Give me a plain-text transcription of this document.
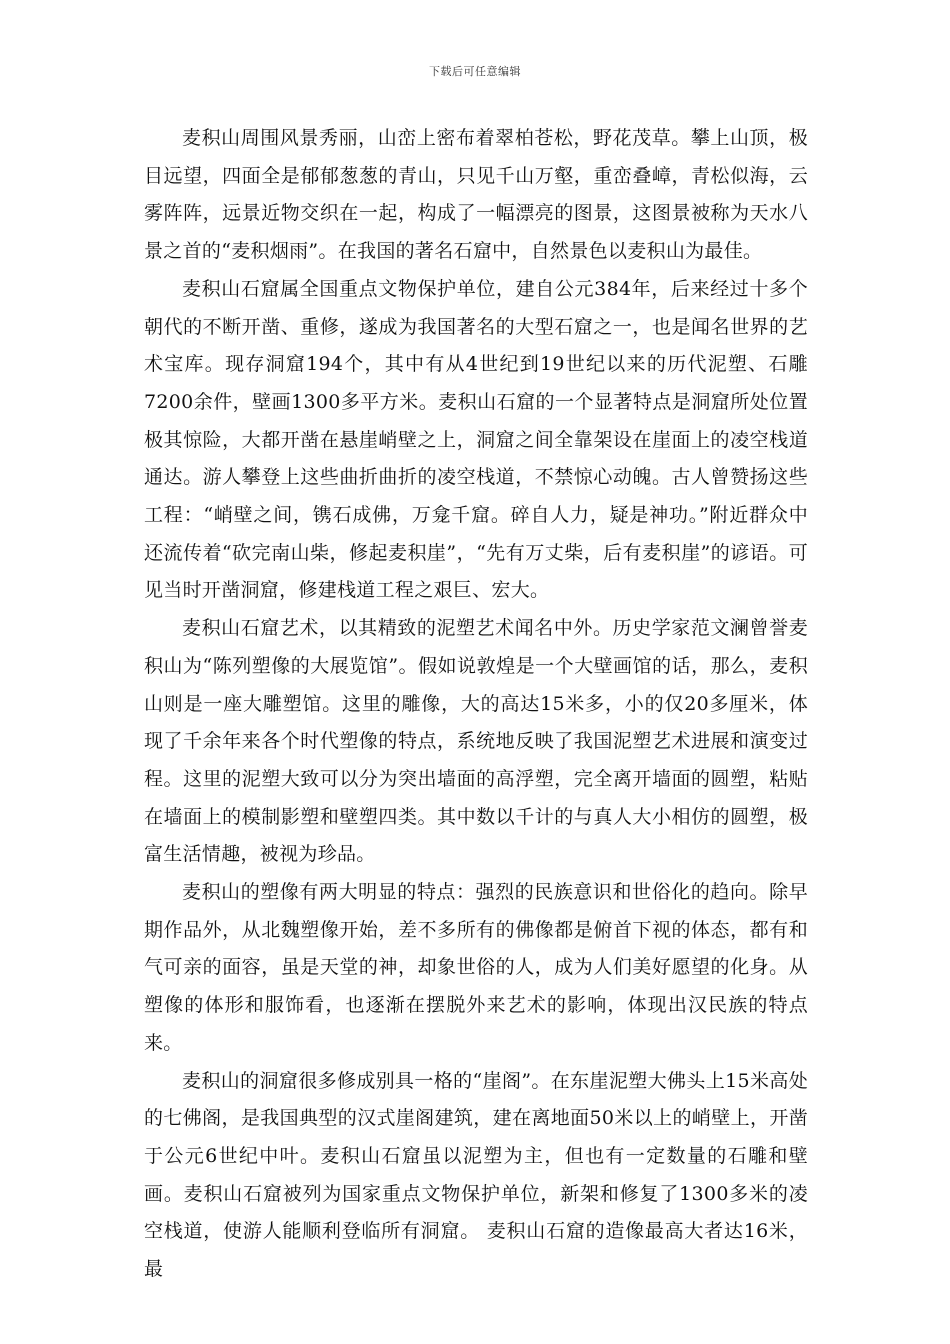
下载后可任意编辑

麦积山周围风景秀丽，山峦上密布着翠柏苍松，野花茂草。攀上山顶，极目远望，四面全是郁郁葱葱的青山，只见千山万壑，重峦叠嶂，青松似海，云雾阵阵，远景近物交织在一起，构成了一幅漂亮的图景，这图景被称为天水八景之首的“麦积烟雨”。在我国的著名石窟中，自然景色以麦积山为最佳。

麦积山石窟属全国重点文物保护单位，建自公元384年，后来经过十多个朝代的不断开凿、重修，遂成为我国著名的大型石窟之一，也是闻名世界的艺术宝库。现存洞窟194个，其中有从4世纪到19世纪以来的历代泥塑、石雕7200余件，壁画1300多平方米。麦积山石窟的一个显著特点是洞窟所处位置极其惊险，大都开凿在悬崖峭壁之上，洞窟之间全靠架设在崖面上的凌空栈道通达。游人攀登上这些曲折曲折的凌空栈道，不禁惊心动魄。古人曾赞扬这些工程：“峭壁之间，镌石成佛，万龛千窟。碎自人力，疑是神功。”附近群众中还流传着“砍完南山柴，修起麦积崖”，“先有万丈柴，后有麦积崖”的谚语。可见当时开凿洞窟，修建栈道工程之艰巨、宏大。

麦积山石窟艺术，以其精致的泥塑艺术闻名中外。历史学家范文澜曾誉麦积山为“陈列塑像的大展览馆”。假如说敦煌是一个大壁画馆的话，那么，麦积山则是一座大雕塑馆。这里的雕像，大的高达15米多，小的仅20多厘米，体现了千余年来各个时代塑像的特点，系统地反映了我国泥塑艺术进展和演变过程。这里的泥塑大致可以分为突出墙面的高浮塑，完全离开墙面的圆塑，粘贴在墙面上的模制影塑和壁塑四类。其中数以千计的与真人大小相仿的圆塑，极富生活情趣，被视为珍品。

麦积山的塑像有两大明显的特点：强烈的民族意识和世俗化的趋向。除早期作品外，从北魏塑像开始，差不多所有的佛像都是俯首下视的体态，都有和气可亲的面容，虽是天堂的神，却象世俗的人，成为人们美好愿望的化身。从塑像的体形和服饰看，也逐渐在摆脱外来艺术的影响，体现出汉民族的特点来。

麦积山的洞窟很多修成别具一格的“崖阁”。在东崖泥塑大佛头上15米高处的七佛阁，是我国典型的汉式崖阁建筑，建在离地面50米以上的峭壁上，开凿于公元6世纪中叶。麦积山石窟虽以泥塑为主，但也有一定数量的石雕和壁画。麦积山石窟被列为国家重点文物保护单位，新架和修复了1300多米的凌空栈道，使游人能顺利登临所有洞窟。 麦积山石窟的造像最高大者达16米，最
